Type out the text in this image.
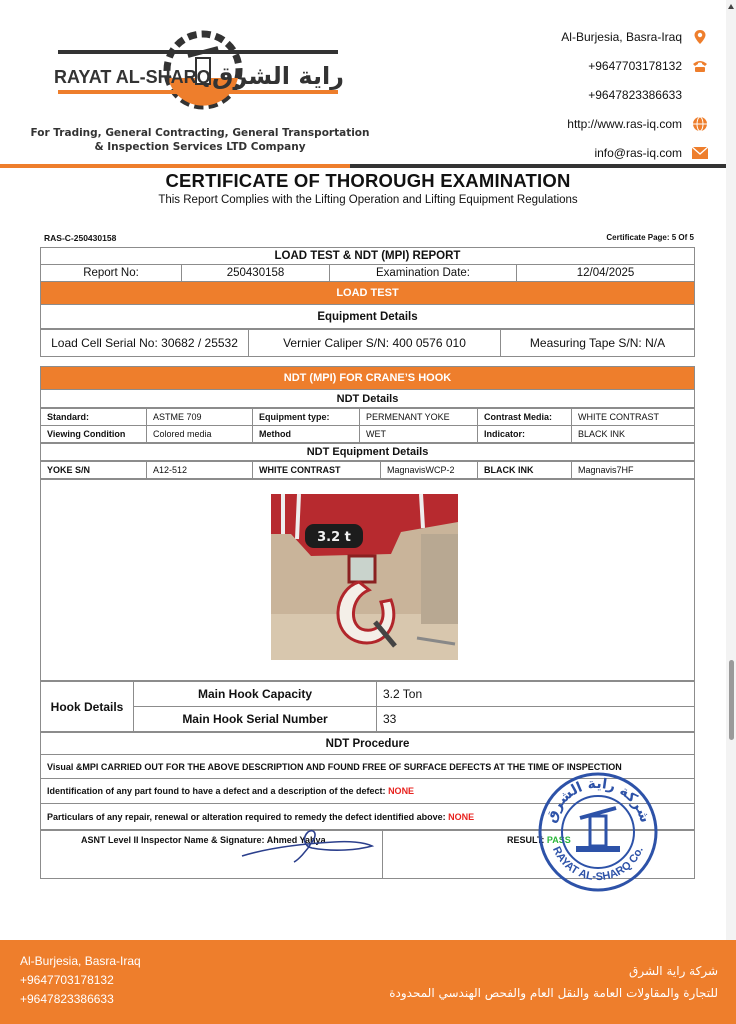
RAYAT AL-SHARQ راية الشرق
For Trading, General Contracting, General Transportation
& Inspection Services LTD Company
Al-Burjesia, Basra-Iraq
+9647703178132
+9647823386633
http://www.ras-iq.com
info@ras-iq.com
CERTIFICATE OF THOROUGH EXAMINATION
This Report Complies with the Lifting Operation and Lifting Equipment Regulations
RAS-C-250430158	Certificate Page: 5 Of 5
LOAD TEST & NDT (MPI) REPORT
Report No:	250430158	Examination Date:	12/04/2025
LOAD TEST
Equipment Details
Load Cell Serial No: 30682 / 25532	Vernier Caliper S/N: 400 0576 010	Measuring Tape S/N: N/A
NDT (MPI) FOR CRANE’S HOOK
NDT Details
Standard:	ASTME 709	Equipment type:	PERMENANT YOKE	Contrast Media:	WHITE CONTRAST
Viewing Condition	Colored media	Method	WET	Indicator:	BLACK INK
NDT Equipment Details
YOKE S/N	A12-512	WHITE CONTRAST	MagnavisWCP-2	BLACK INK	Magnavis7HF
3.2 t
Hook Details	Main Hook Capacity	3.2 Ton
	Main Hook Serial Number	33
NDT Procedure
Visual &MPI CARRIED OUT FOR THE ABOVE DESCRIPTION AND FOUND FREE OF SURFACE DEFECTS AT THE TIME OF INSPECTION
Identification of any part found to have a defect and a description of the defect: NONE
Particulars of any repair, renewal or alteration required to remedy the defect identified above: NONE
ASNT Level II Inspector Name & Signature: Ahmed Yahya	RESULT: PASS
شركة راية الشرق
RAYAT AL-SHARQ Co.
Al-Burjesia, Basra-Iraq
+9647703178132
+9647823386633
شركة راية الشرق
للتجارة والمقاولات العامة والنقل العام والفحص الهندسي المحدودة
